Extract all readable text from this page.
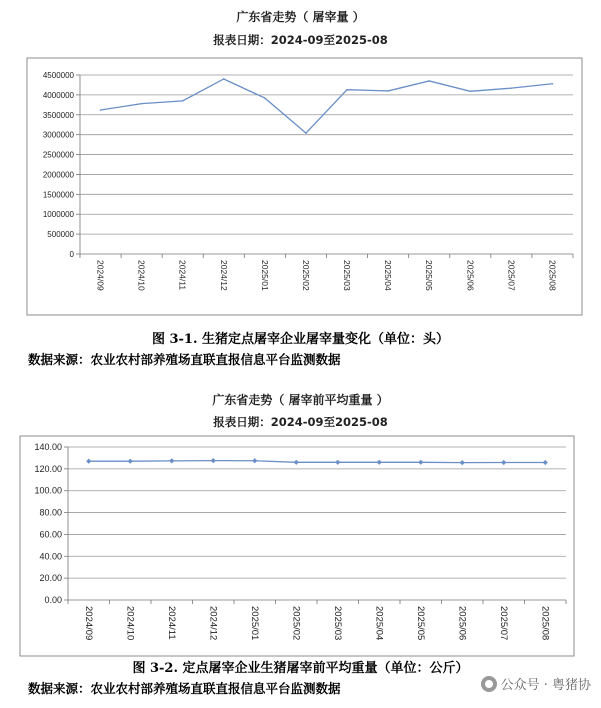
广东省走势（ 屠宰量 ）
报表日期：2024-09至2025-08
0
500000
1000000
1500000
2000000
2500000
3000000
3500000
4000000
4500000
2024/09	2024/10	2024/11	2024/12	2025/01	2025/02	2025/03	2025/04	2025/05	2025/06	2025/07	2025/08
图 3-1. 生猪定点屠宰企业屠宰量变化（单位：头）
数据来源：农业农村部养殖场直联直报信息平台监测数据
广东省走势（ 屠宰前平均重量 ）
报表日期：2024-09至2025-08
0.00
20.00
40.00
60.00
80.00
100.00
120.00
140.00
2024/09	2024/10	2024/11	2024/12	2025/01	2025/02	2025/03	2025/04	2025/05	2025/06	2025/07	2025/08
图 3-2. 定点屠宰企业生猪屠宰前平均重量（单位：公斤）
数据来源：农业农村部养殖场直联直报信息平台监测数据	公众号 · 粤猪协
